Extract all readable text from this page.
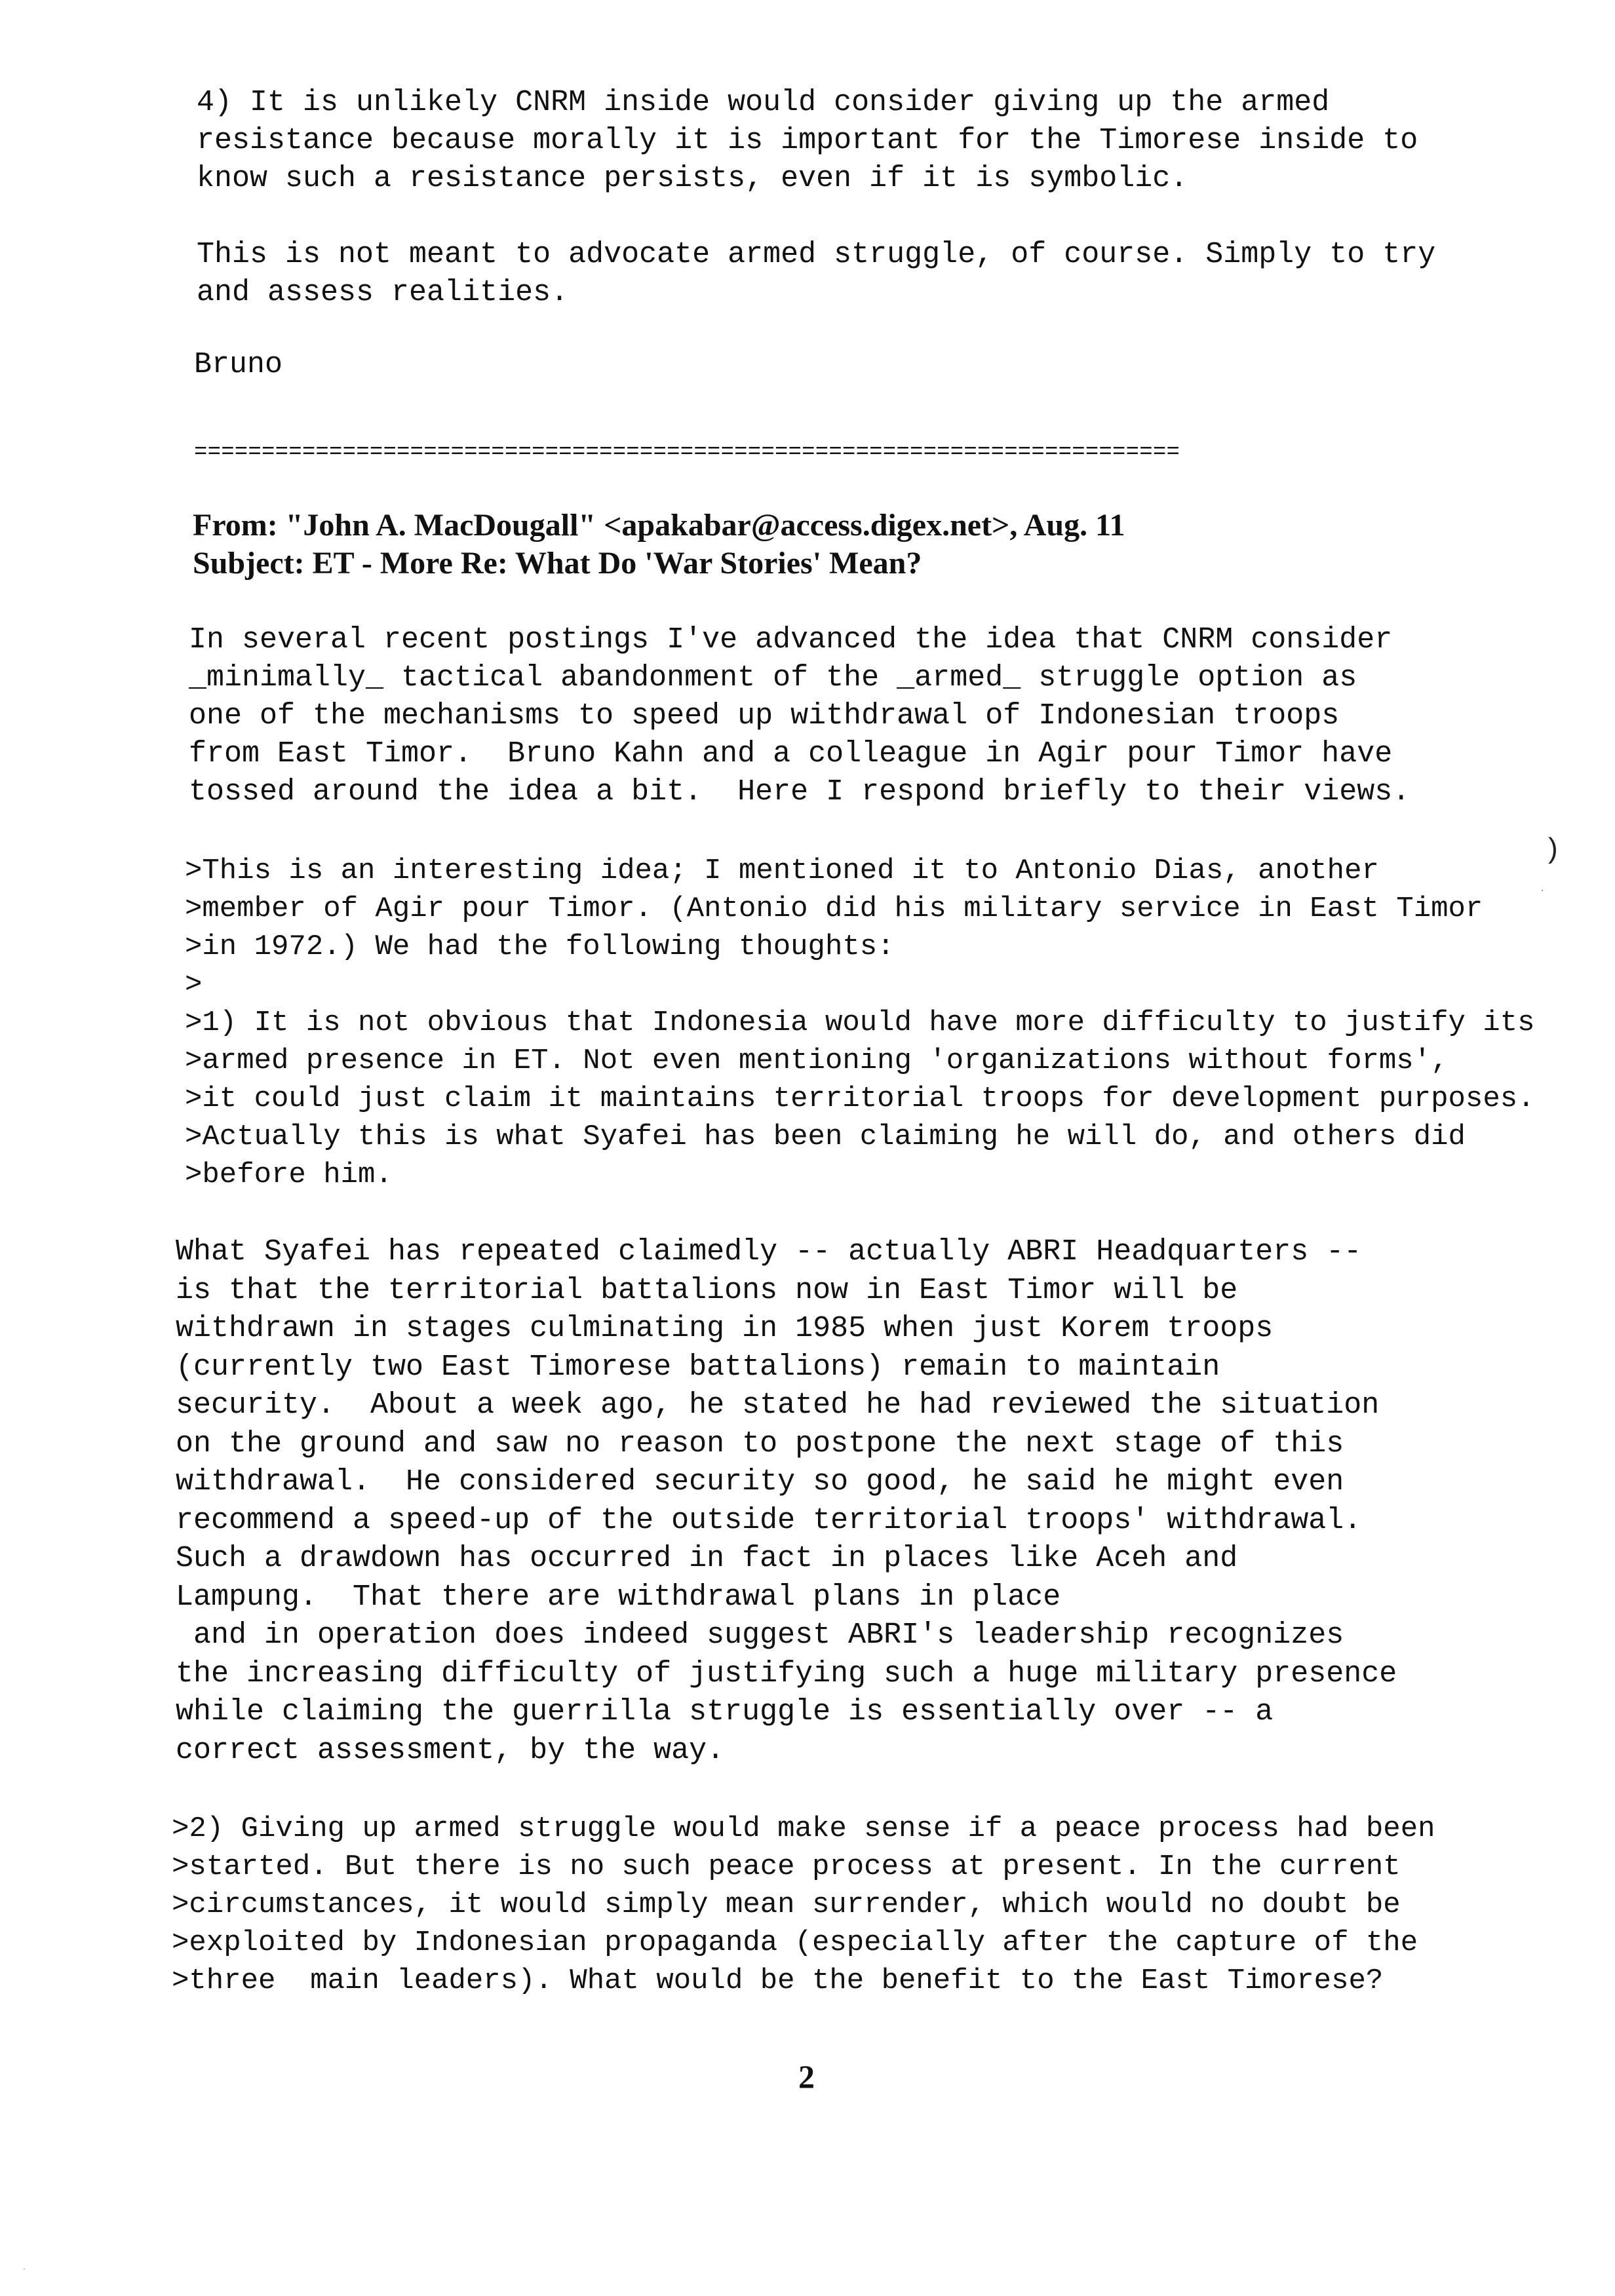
4) It is unlikely CNRM inside would consider giving up the armed
resistance because morally it is important for the Timorese inside to
know such a resistance persists, even if it is symbolic.
This is not meant to advocate armed struggle, of course. Simply to try
and assess realities.
Bruno
=========================================================================
From: "John A. MacDougall" <apakabar@access.digex.net>, Aug. 11
Subject: ET - More Re: What Do 'War Stories' Mean?
In several recent postings I've advanced the idea that CNRM consider
_minimally_ tactical abandonment of the _armed_ struggle option as
one of the mechanisms to speed up withdrawal of Indonesian troops
from East Timor.  Bruno Kahn and a colleague in Agir pour Timor have
tossed around the idea a bit.  Here I respond briefly to their views.
>This is an interesting idea; I mentioned it to Antonio Dias, another
>member of Agir pour Timor. (Antonio did his military service in East Timor
>in 1972.) We had the following thoughts:
>
>1) It is not obvious that Indonesia would have more difficulty to justify its
>armed presence in ET. Not even mentioning 'organizations without forms',
>it could just claim it maintains territorial troops for development purposes.
>Actually this is what Syafei has been claiming he will do, and others did
>before him.
What Syafei has repeated claimedly -- actually ABRI Headquarters --
is that the territorial battalions now in East Timor will be
withdrawn in stages culminating in 1985 when just Korem troops
(currently two East Timorese battalions) remain to maintain
security.  About a week ago, he stated he had reviewed the situation
on the ground and saw no reason to postpone the next stage of this
withdrawal.  He considered security so good, he said he might even
recommend a speed-up of the outside territorial troops' withdrawal.
Such a drawdown has occurred in fact in places like Aceh and
Lampung.  That there are withdrawal plans in place
and in operation does indeed suggest ABRI's leadership recognizes
the increasing difficulty of justifying such a huge military presence
while claiming the guerrilla struggle is essentially over -- a
correct assessment, by the way.
>2) Giving up armed struggle would make sense if a peace process had been
>started. But there is no such peace process at present. In the current
>circumstances, it would simply mean surrender, which would no doubt be
>exploited by Indonesian propaganda (especially after the capture of the
>three  main leaders). What would be the benefit to the East Timorese?
)
2
